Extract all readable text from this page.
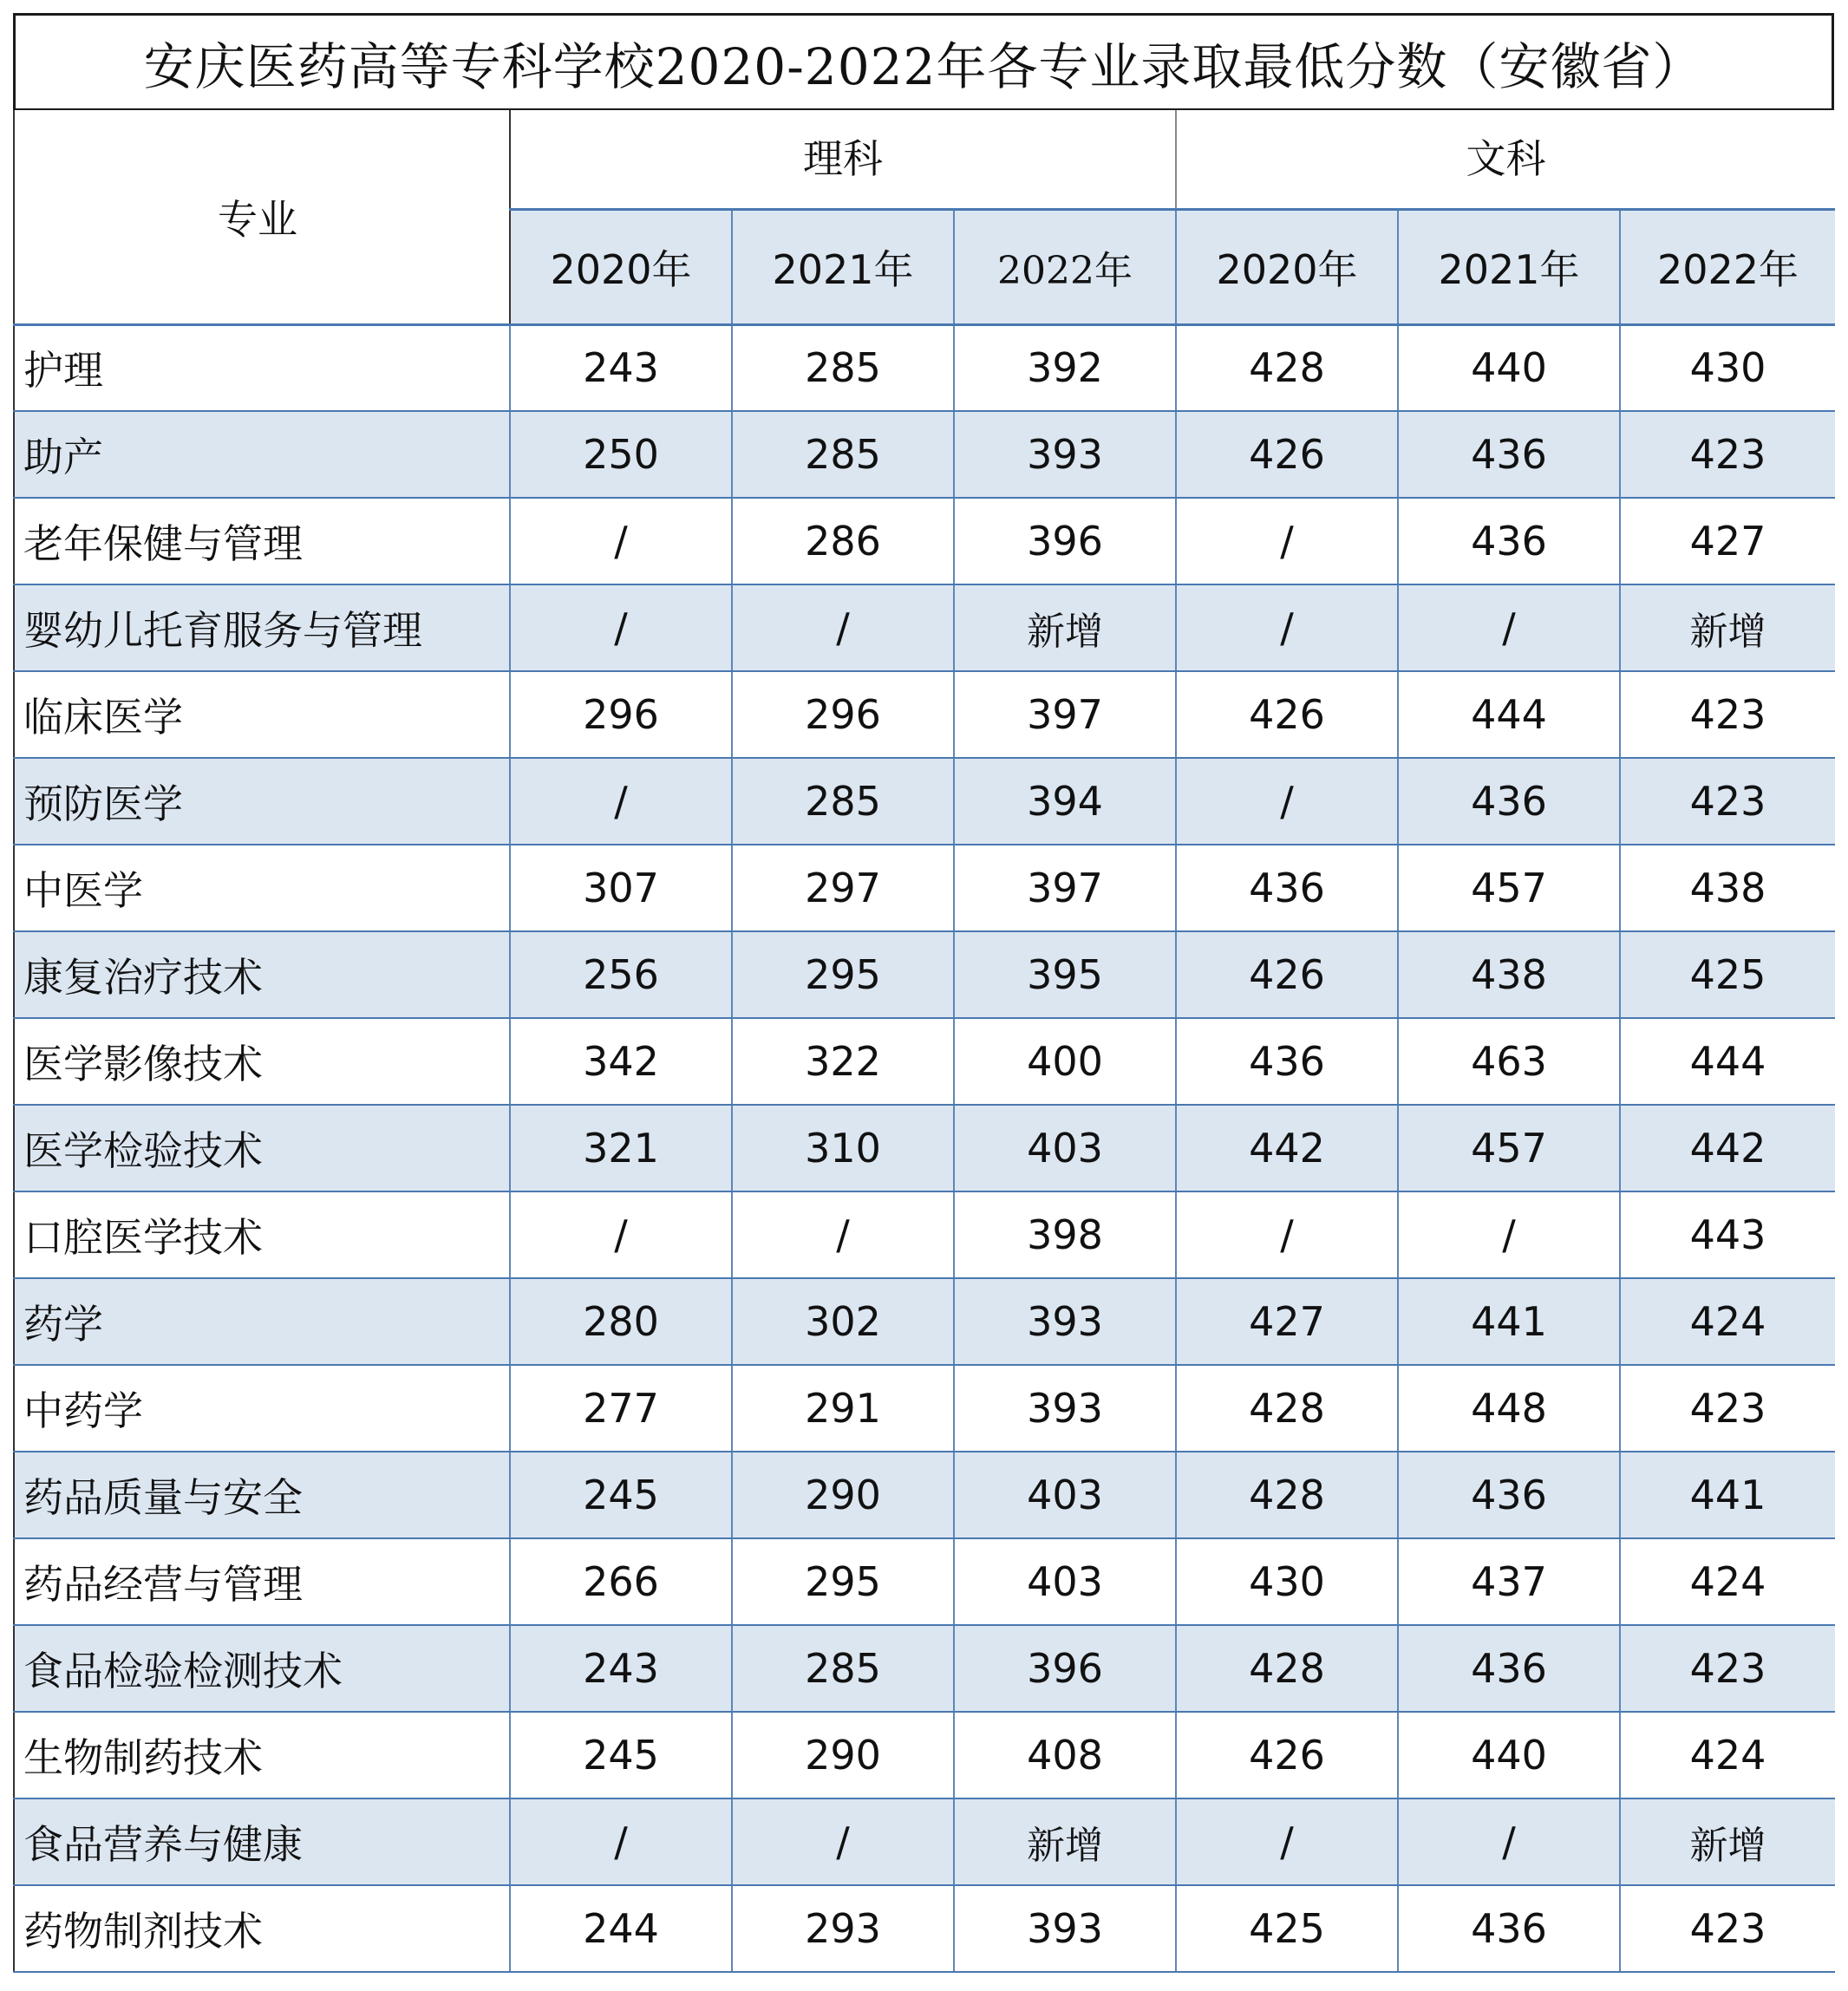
安庆医药高等专科学校2020-2022年各专业录取最低分数（安徽省）
专业	理科			文科		
	2020年	2021年	2022年	2020年	2021年	2022年
护理	243	285	392	428	440	430
助产	250	285	393	426	436	423
老年保健与管理	/	286	396	/	436	427
婴幼儿托育服务与管理	/	/	新增	/	/	新增
临床医学	296	296	397	426	444	423
预防医学	/	285	394	/	436	423
中医学	307	297	397	436	457	438
康复治疗技术	256	295	395	426	438	425
医学影像技术	342	322	400	436	463	444
医学检验技术	321	310	403	442	457	442
口腔医学技术	/	/	398	/	/	443
药学	280	302	393	427	441	424
中药学	277	291	393	428	448	423
药品质量与安全	245	290	403	428	436	441
药品经营与管理	266	295	403	430	437	424
食品检验检测技术	243	285	396	428	436	423
生物制药技术	245	290	408	426	440	424
食品营养与健康	/	/	新增	/	/	新增
药物制剂技术	244	293	393	425	436	423
